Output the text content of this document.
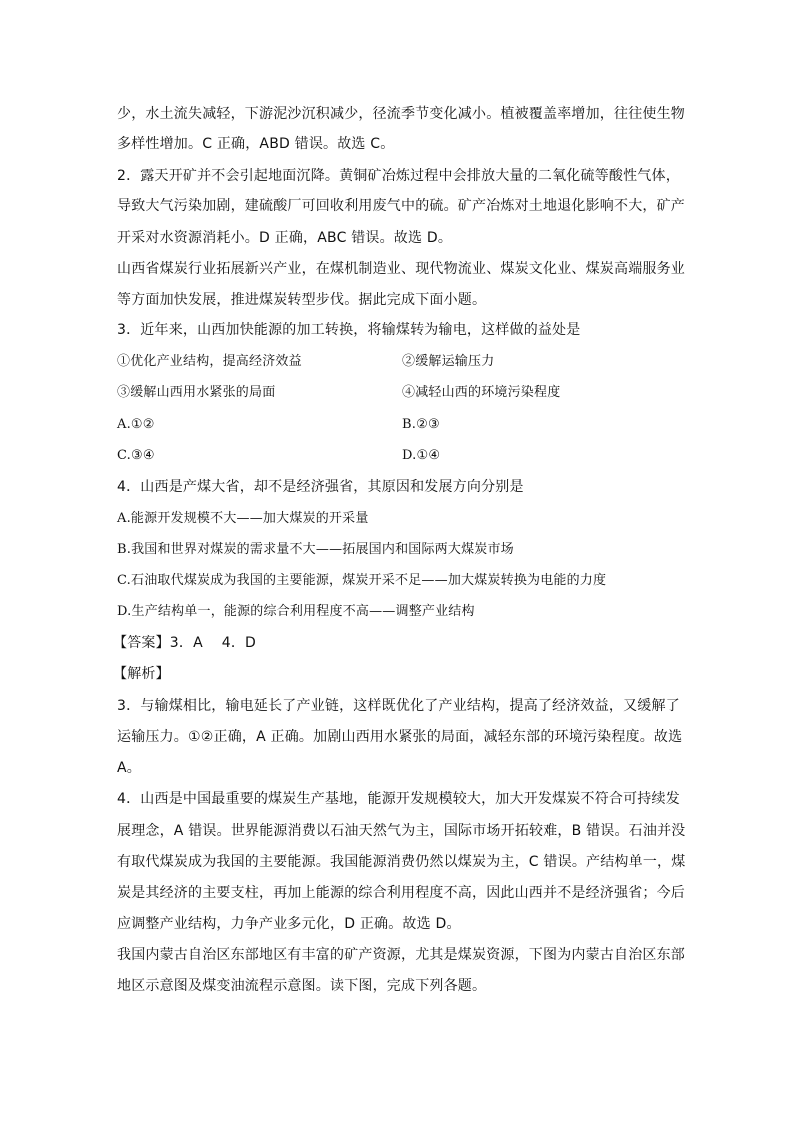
少，水土流失减轻，下游泥沙沉积减少，径流季节变化减小。植被覆盖率增加，往往使生物
多样性增加。C 正确，ABD 错误。故选 C。
2．露天开矿并不会引起地面沉降。黄铜矿冶炼过程中会排放大量的二氧化硫等酸性气体，
导致大气污染加剧，建硫酸厂可回收利用废气中的硫。矿产冶炼对土地退化影响不大，矿产
开采对水资源消耗小。D 正确，ABC 错误。故选 D。
山西省煤炭行业拓展新兴产业，在煤机制造业、现代物流业、煤炭文化业、煤炭高端服务业
等方面加快发展，推进煤炭转型步伐。据此完成下面小题。
3．近年来，山西加快能源的加工转换，将输煤转为输电，这样做的益处是
①优化产业结构，提高经济效益	②缓解运输压力
③缓解山西用水紧张的局面	④减轻山西的环境污染程度
A.①②	B.②③
C.③④	D.①④
4．山西是产煤大省，却不是经济强省，其原因和发展方向分别是
A.能源开发规模不大——加大煤炭的开采量
B.我国和世界对煤炭的需求量不大——拓展国内和国际两大煤炭市场
C.石油取代煤炭成为我国的主要能源，煤炭开采不足——加大煤炭转换为电能的力度
D.生产结构单一，能源的综合利用程度不高——调整产业结构
【答案】3．A　 4．D
【解析】
3．与输煤相比，输电延长了产业链，这样既优化了产业结构，提高了经济效益，又缓解了
运输压力。①②正确，A 正确。加剧山西用水紧张的局面，减轻东部的环境污染程度。故选
A。
4．山西是中国最重要的煤炭生产基地，能源开发规模较大，加大开发煤炭不符合可持续发
展理念，A 错误。世界能源消费以石油天然气为主，国际市场开拓较难，B 错误。石油并没
有取代煤炭成为我国的主要能源。我国能源消费仍然以煤炭为主，C 错误。产结构单一，煤
炭是其经济的主要支柱，再加上能源的综合利用程度不高，因此山西并不是经济强省；今后
应调整产业结构，力争产业多元化，D 正确。故选 D。
我国内蒙古自治区东部地区有丰富的矿产资源，尤其是煤炭资源，下图为内蒙古自治区东部
地区示意图及煤变油流程示意图。读下图，完成下列各题。
